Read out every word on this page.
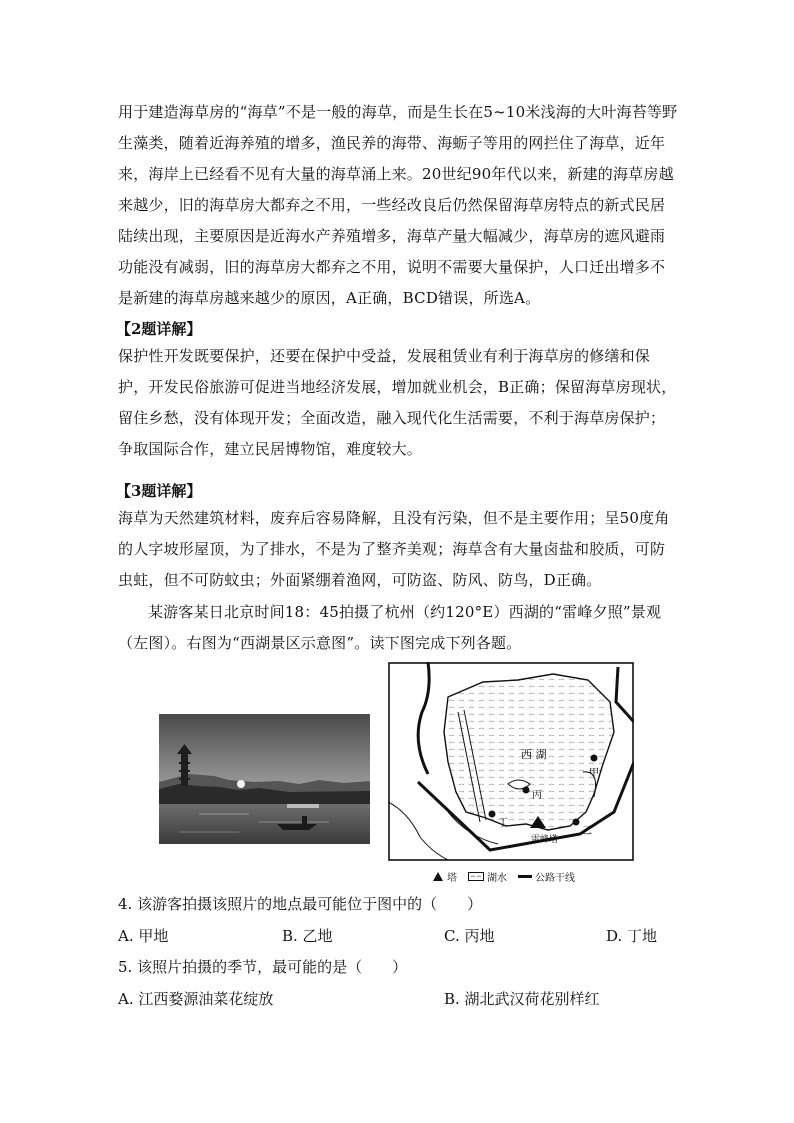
用于建造海草房的“海草”不是一般的海草，而是生长在5~10米浅海的大叶海苔等野生藻类，随着近海养殖的增多，渔民养的海带、海蛎子等用的网拦住了海草，近年来，海岸上已经看不见有大量的海草涌上来。20世纪90年代以来，新建的海草房越来越少，旧的海草房大都弃之不用，一些经改良后仍然保留海草房特点的新式民居陆续出现，主要原因是近海水产养殖增多，海草产量大幅减少，海草房的遮风避雨功能没有减弱，旧的海草房大都弃之不用，说明不需要大量保护，人口迁出增多不是新建的海草房越来越少的原因，A正确，BCD错误，所选A。

【2题详解】

保护性开发既要保护，还要在保护中受益，发展租赁业有利于海草房的修缮和保护，开发民俗旅游可促进当地经济发展，增加就业机会，B正确；保留海草房现状，留住乡愁，没有体现开发；全面改造，融入现代化生活需要，不利于海草房保护；争取国际合作，建立民居博物馆，难度较大。

【3题详解】

海草为天然建筑材料，废弃后容易降解，且没有污染，但不是主要作用；呈50度角的人字坡形屋顶，为了排水，不是为了整齐美观；海草含有大量卤盐和胶质，可防虫蛀，但不可防蚊虫；外面紧绷着渔网，可防盗、防风、防鸟，D正确。

某游客某日北京时间18：45拍摄了杭州（约120°E）西湖的“雷峰夕照”景观（左图）。右图为“西湖景区示意图”。读下图完成下列各题。

西 湖
甲
乙
丙
丁
雷峰塔
塔	湖水	公路干线

4. 该游客拍摄该照片的地点最可能位于图中的（　　）

A. 甲地	B. 乙地	C. 丙地	D. 丁地

5. 该照片拍摄的季节，最可能的是（　　）

A. 江西婺源油菜花绽放	B. 湖北武汉荷花别样红
